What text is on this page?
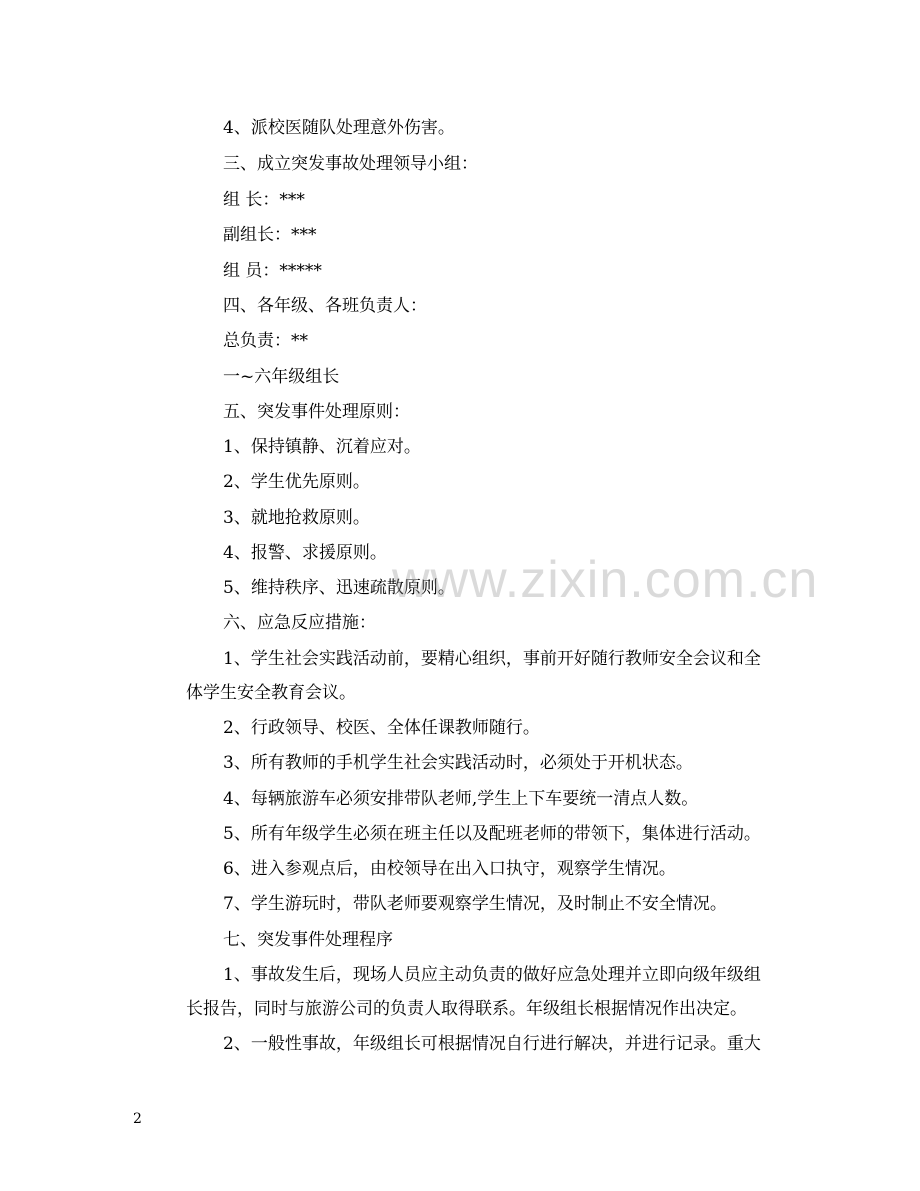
4、派校医随队处理意外伤害。
三、成立突发事故处理领导小组：
组 长：***
副组长：***
组 员：*****
四、各年级、各班负责人：
总负责：**
一~六年级组长
五、突发事件处理原则：
1、保持镇静、沉着应对。
2、学生优先原则。
3、就地抢救原则。
4、报警、求援原则。
5、维持秩序、迅速疏散原则。
六、应急反应措施：
1、学生社会实践活动前，要精心组织，事前开好随行教师安全会议和全
体学生安全教育会议。
2、行政领导、校医、全体任课教师随行。
3、所有教师的手机学生社会实践活动时，必须处于开机状态。
4、每辆旅游车必须安排带队老师,学生上下车要统一清点人数。
5、所有年级学生必须在班主任以及配班老师的带领下，集体进行活动。
6、进入参观点后，由校领导在出入口执守，观察学生情况。
7、学生游玩时，带队老师要观察学生情况，及时制止不安全情况。
七、突发事件处理程序
1、事故发生后，现场人员应主动负责的做好应急处理并立即向级年级组
长报告，同时与旅游公司的负责人取得联系。年级组长根据情况作出决定。
2、一般性事故，年级组长可根据情况自行进行解决，并进行记录。重大
www.zixin.com.cn
2
